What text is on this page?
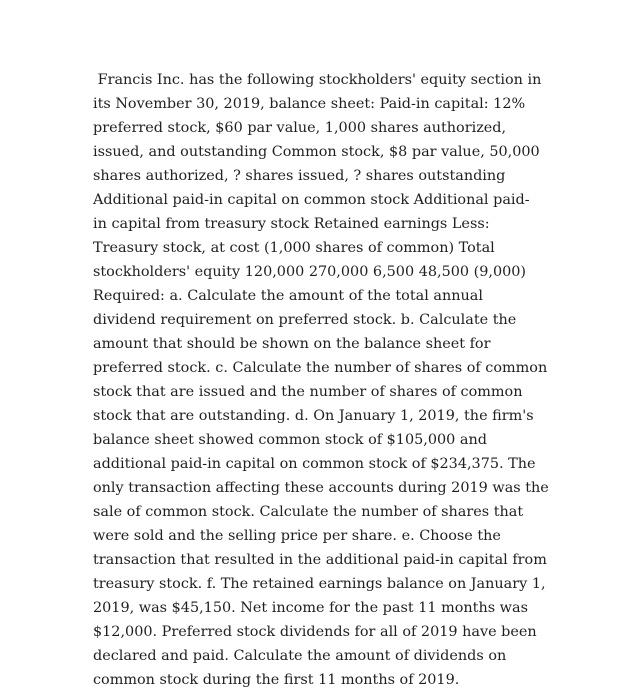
Francis Inc. has the following stockholders' equity section in
its November 30, 2019, balance sheet: Paid-in capital: 12%
preferred stock, $60 par value, 1,000 shares authorized,
issued, and outstanding Common stock, $8 par value, 50,000
shares authorized, ? shares issued, ? shares outstanding
Additional paid-in capital on common stock Additional paid-
in capital from treasury stock Retained earnings Less:
Treasury stock, at cost (1,000 shares of common) Total
stockholders' equity 120,000 270,000 6,500 48,500 (9,000)
Required: a. Calculate the amount of the total annual
dividend requirement on preferred stock. b. Calculate the
amount that should be shown on the balance sheet for
preferred stock. c. Calculate the number of shares of common
stock that are issued and the number of shares of common
stock that are outstanding. d. On January 1, 2019, the firm's
balance sheet showed common stock of $105,000 and
additional paid-in capital on common stock of $234,375. The
only transaction affecting these accounts during 2019 was the
sale of common stock. Calculate the number of shares that
were sold and the selling price per share. e. Choose the
transaction that resulted in the additional paid-in capital from
treasury stock. f. The retained earnings balance on January 1,
2019, was $45,150. Net income for the past 11 months was
$12,000. Preferred stock dividends for all of 2019 have been
declared and paid. Calculate the amount of dividends on
common stock during the first 11 months of 2019.
